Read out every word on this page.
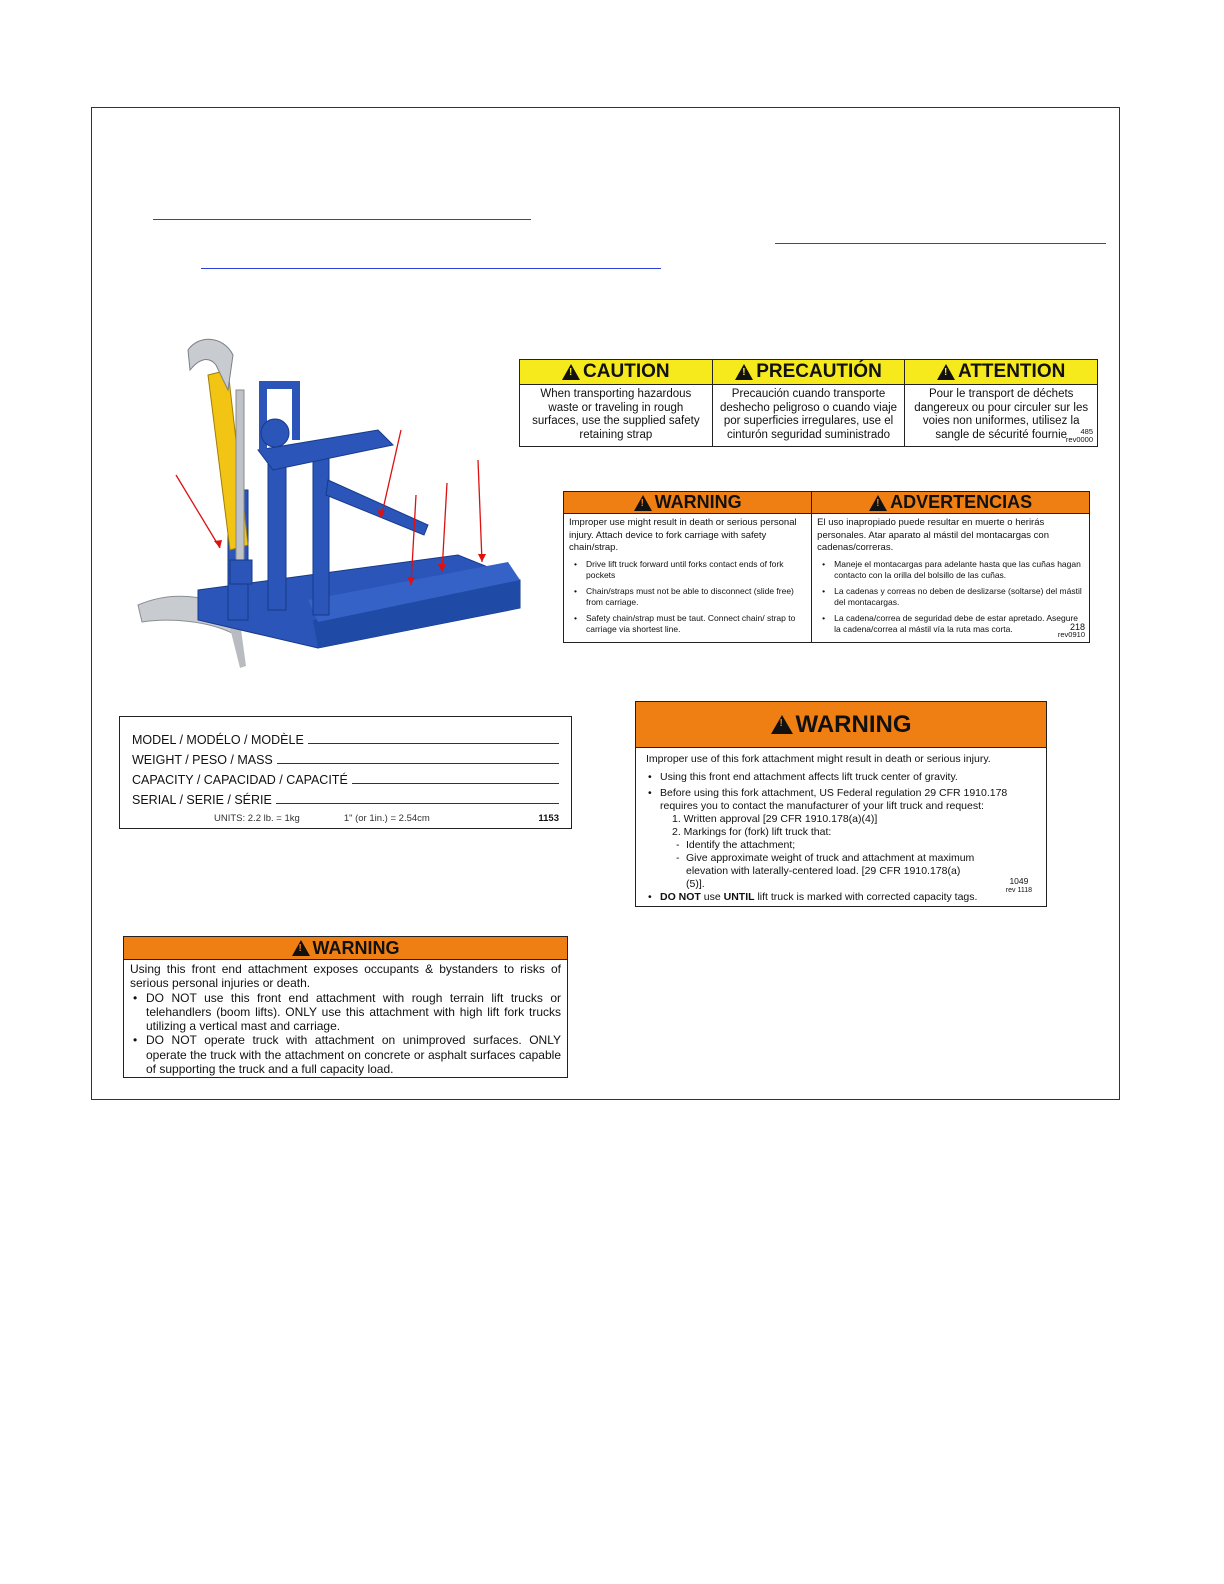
!
CAUTION
When transporting hazardous waste or traveling in rough surfaces, use the supplied safety retaining strap
!
PRECAUTIÓN
Precaución cuando transporte deshecho peligroso o cuando viaje por superficies irregulares, use el cinturón seguridad suministrado
!
ATTENTION
Pour le transport de déchets dangereux ou pour circuler sur les voies non uniformes, utilisez la sangle de sécurité fournie	485
rev0000
!
WARNING
Improper use might result in death or serious personal injury. Attach device to fork carriage with safety chain/strap.
• Drive lift truck forward until forks contact ends of fork pockets
• Chain/straps must not be able to disconnect (slide free) from carriage.
• Safety chain/strap must be taut. Connect chain/ strap to carriage via shortest line.
!
ADVERTENCIAS
El uso inapropiado puede resultar en muerte o herirás personales. Atar aparato al mástil del montacargas con cadenas/correras.
• Maneje el montacargas para adelante hasta que las cuñas hagan contacto con la orilla del bolsillo de las cuñas.
• La cadenas y correas no deben de deslizarse (soltarse) del mástil del montacargas.
• La cadena/correa de seguridad debe de estar apretado. Asegure la cadena/correa al mástil vía la ruta mas corta.	218
rev0910
MODEL / MODÉLO / MODÈLE
WEIGHT / PESO / MASS
CAPACITY / CAPACIDAD / CAPACITÉ
SERIAL / SERIE / SÉRIE
UNITS: 2.2 lb. = 1kg	1" (or 1in.) = 2.54cm	1153
!
WARNING

Improper use of this fork attachment might result in death or serious injury.

• Using this front end attachment affects lift truck center of gravity.
• Before using this fork attachment, US Federal regulation 29 CFR 1910.178 requires you to contact the manufacturer of your lift truck and request:
1. Written approval [29 CFR 1910.178(a)(4)]
2. Markings for (fork) lift truck that:
- Identify the attachment;
- Give approximate weight of truck and attachment at maximum elevation with laterally-centered load. [29 CFR 1910.178(a)(5)].
• DO NOT use UNTIL lift truck is marked with corrected capacity tags.
1049
rev 1118
!
WARNING
Using this front end attachment exposes occupants & bystanders to risks of serious personal injuries or death.
• DO NOT use this front end attachment with rough terrain lift trucks or telehandlers (boom lifts). ONLY use this attachment with high lift fork trucks utilizing a vertical mast and carriage.
• DO NOT operate truck with attachment on unimproved surfaces. ONLY operate the truck with the attachment on concrete or asphalt surfaces capable of supporting the truck and a full capacity load.
